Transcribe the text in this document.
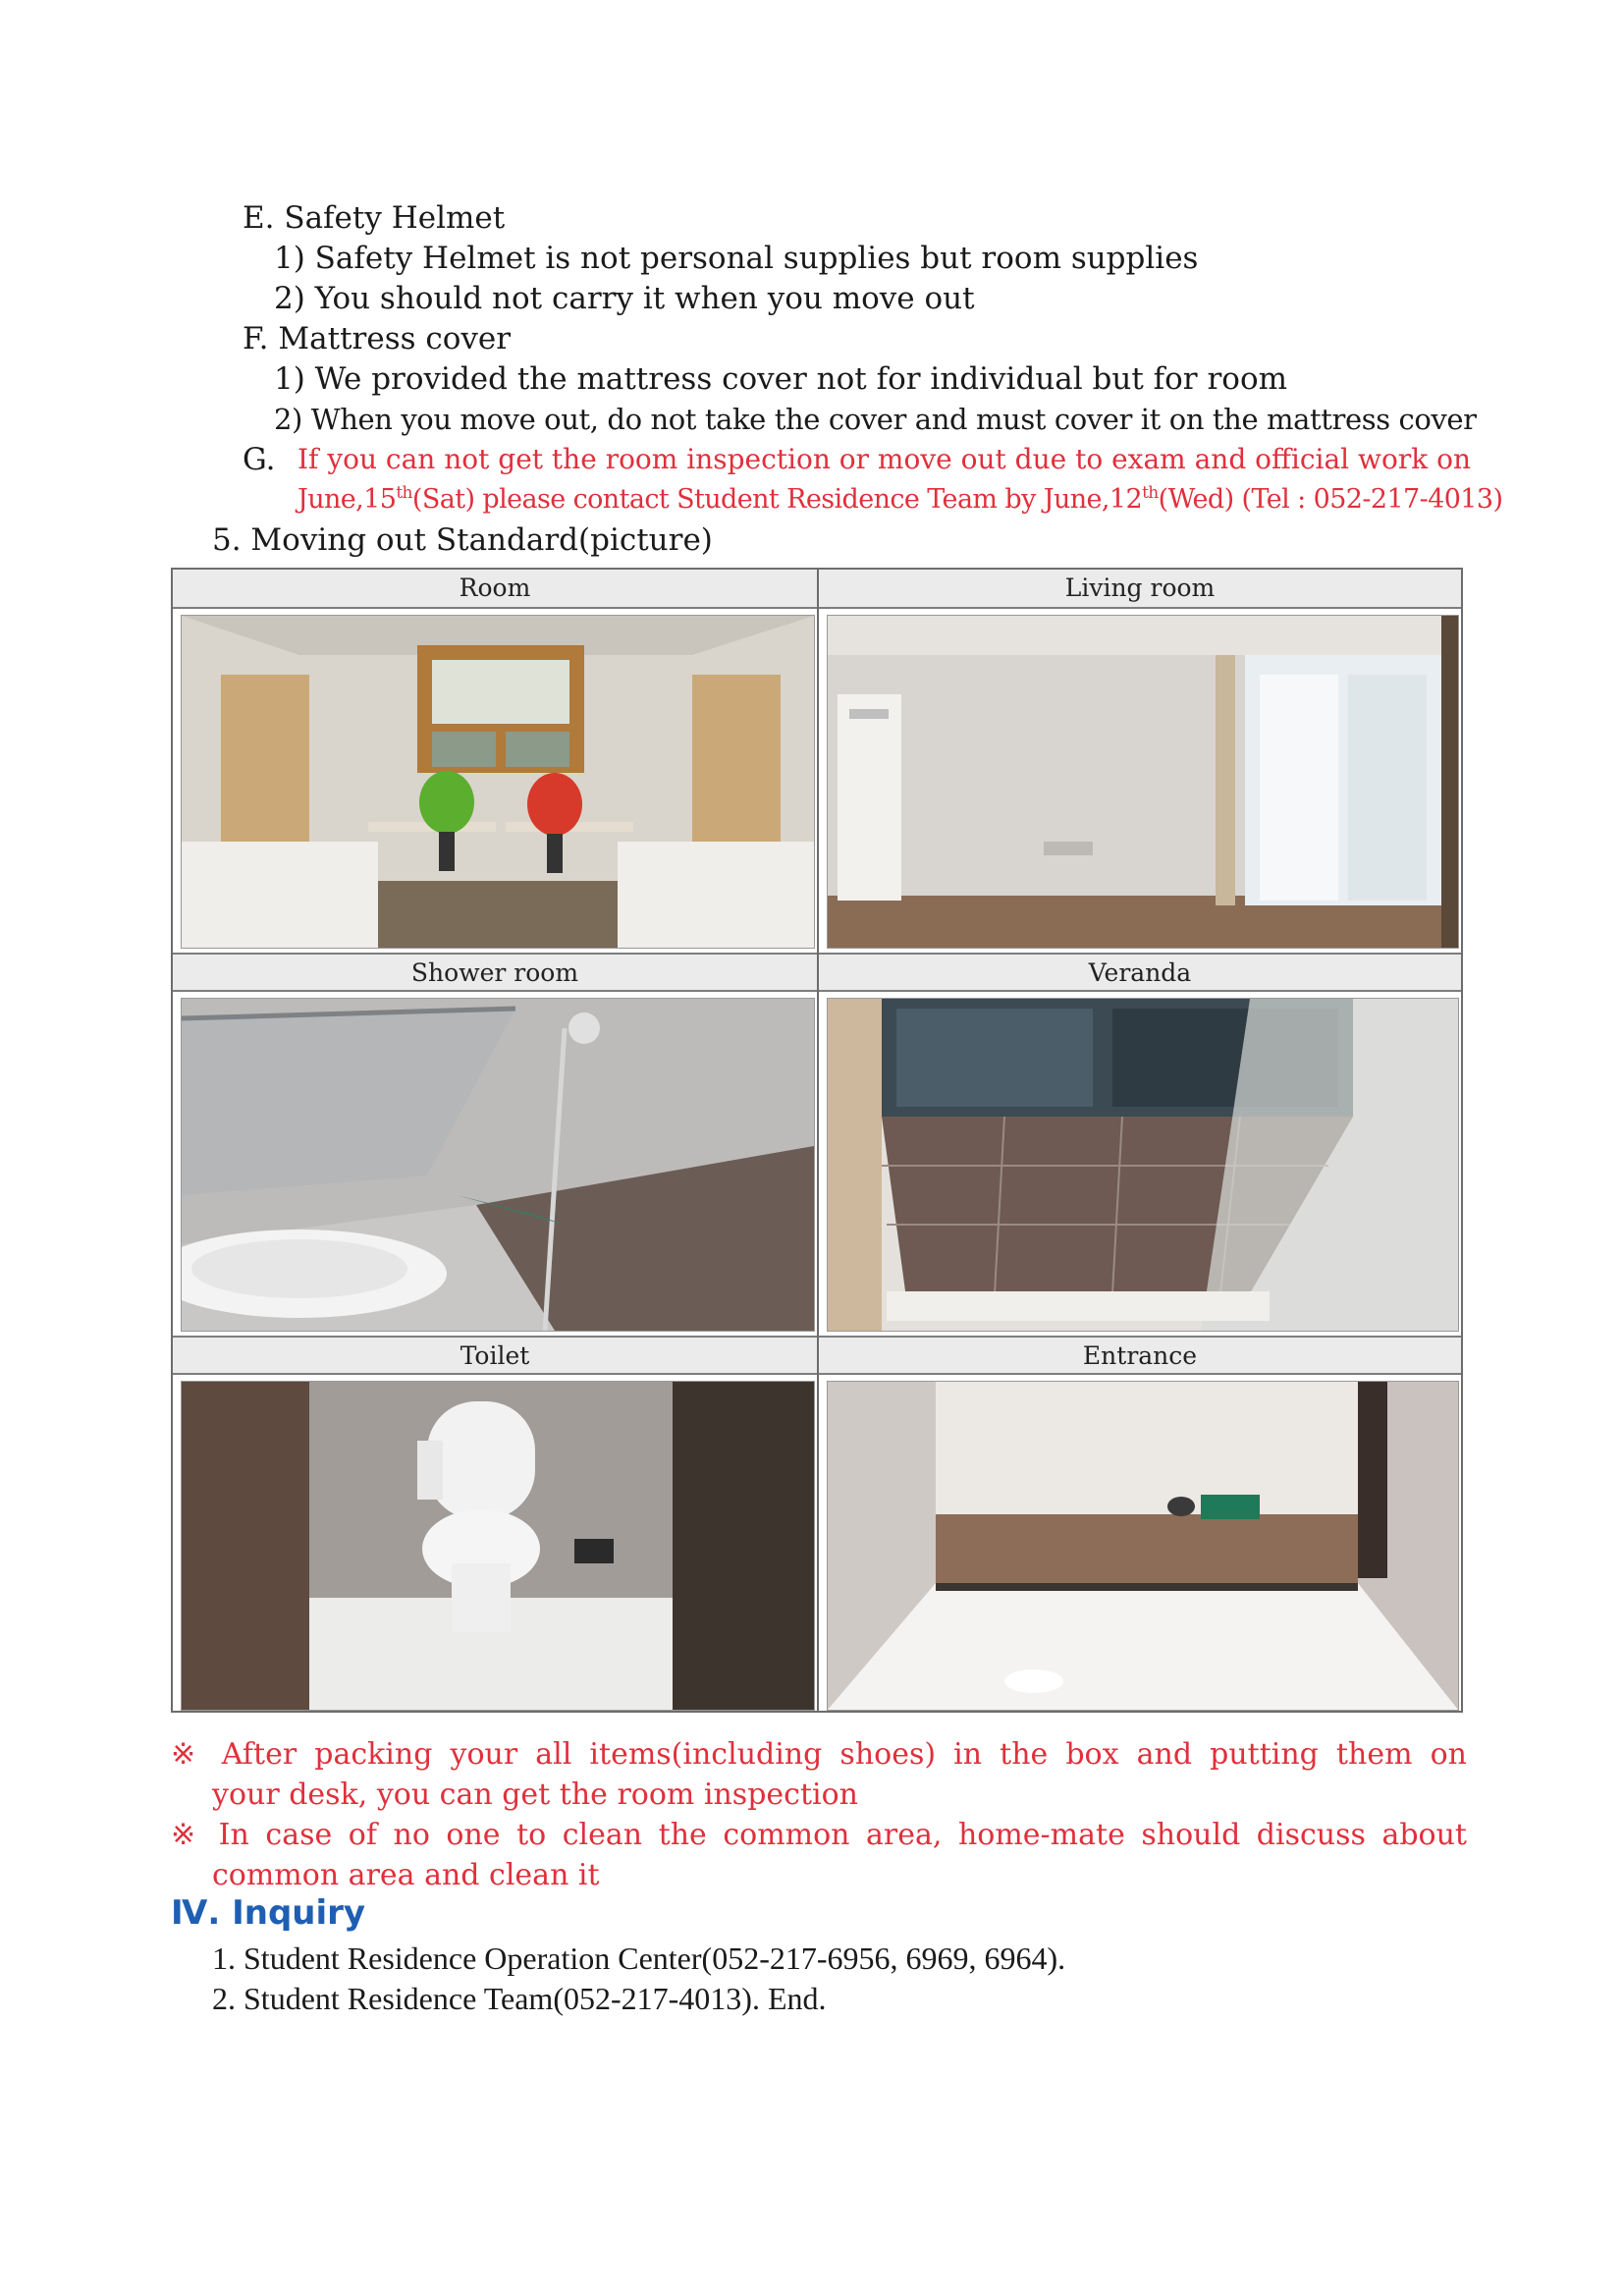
E. Safety Helmet
1) Safety Helmet is not personal supplies but room supplies
2) You should not carry it when you move out
F. Mattress cover
1) We provided the mattress cover not for individual but for room
2) When you move out, do not take the cover and must cover it on the mattress cover
G. If you can not get the room inspection or move out due to exam and official work on
June,15th(Sat) please contact Student Residence Team by June,12th(Wed) (Tel : 052-217-4013)
5. Moving out Standard(picture)
Room	Living room
Shower room	Veranda
Toilet	Entrance
※ After packing your all items(including shoes) in the box and putting them on
your desk, you can get the room inspection
※ In case of no one to clean the common area, home-mate should discuss about
common area and clean it
Ⅳ. Inquiry
1. Student Residence Operation Center(052-217-6956, 6969, 6964).
2. Student Residence Team(052-217-4013). End.
